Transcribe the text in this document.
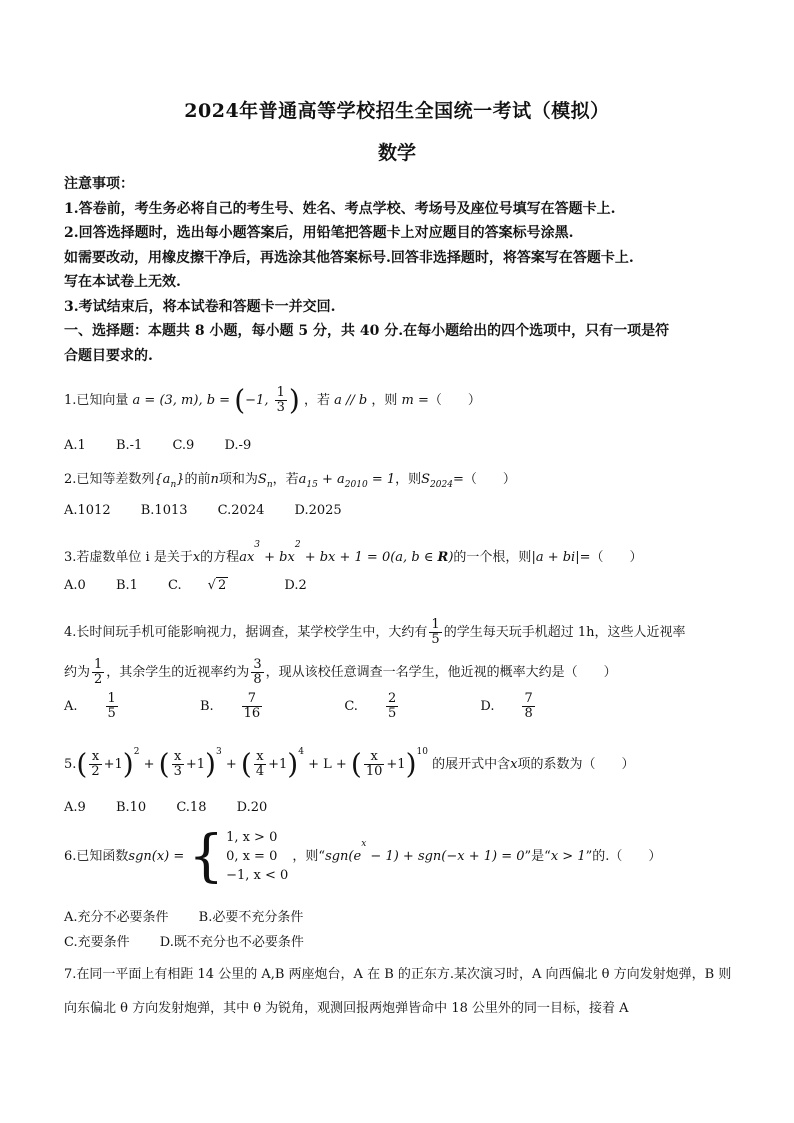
2024年普通高等学校招生全国统一考试（模拟）
数学
注意事项：
1.答卷前，考生务必将自己的考生号、姓名、考点学校、考场号及座位号填写在答题卡上.
2.回答选择题时，选出每小题答案后，用铅笔把答题卡上对应题目的答案标号涂黑.
如需要改动，用橡皮擦干净后，再选涂其他答案标号.回答非选择题时，将答案写在答题卡上.
写在本试卷上无效.
3.考试结束后，将本试卷和答题卡一并交回.
一、选择题：本题共 8 小题，每小题 5 分，共 40 分.在每小题给出的四个选项中，只有一项是符
合题目要求的.
1.已知向量 a = (3, m), b = (−1, $\frac{1}{3}$ ) ，若 a // b ，则 m =（　　）
A.1 B.-1 C.9 D.-9
2.已知等差数列$\{a_n\}$的前n项和为$S_n$，若$a_{15} + a_{2010} = 1$，则$S_{2024}=$（　　）
A.1012 B.1013 C.2024 D.2025
3.若虚数单位 i 是关于x的方程$ax^3 + bx^2$ + bx + 1 = 0(a, b ∈ R)的一个根，则|a + bi|=（　　）
A.0 B.1 C. √ 2	D.2
4.长时间玩手机可能影响视力，据调查，某学校学生中，大约有 $\frac{1}{5}$ 的学生每天玩手机超过 1h，这些人近视率
约为 $\frac{1}{2}$ ，其余学生的近视率约为 $\frac{3}{8}$ ，现从该校任意调查一名学生，他近视的概率大约是（　　）
A. $\frac{1}{5}$	B. $\frac{7}{16}$	C. $\frac{2}{5}$	D. $\frac{7}{8}$
$5.( \frac{x}{2} +1)^2$ + ( $\frac{x}{3} +1)^3$ + ( $\frac{x}{4} +1)^4 + L$ + ( $\frac{x}{10} +1)^{10}$ 的展开式中含x项的系数为（　　）
A.9 B.10 C.18 D.20
6.已知函数sgn(x) = { 1, x > 0
0, x = 0
−1, x < 0
，则“$sgn(e^x - 1) + sgn(-x + 1) = 0$”是“x > 1”的.（　　）
A.充分不必要条件 B.必要不充分条件
C.充要条件 D.既不充分也不必要条件
7.在同一平面上有相距 14 公里的 A,B 两座炮台，A 在 B 的正东方.某次演习时，A 向西偏北 θ 方向发射炮弹，B 则向东偏北 θ 方向发射炮弹，其中 θ 为锐角，观测回报两炮弹皆命中 18 公里外的同一目标，接着 A
